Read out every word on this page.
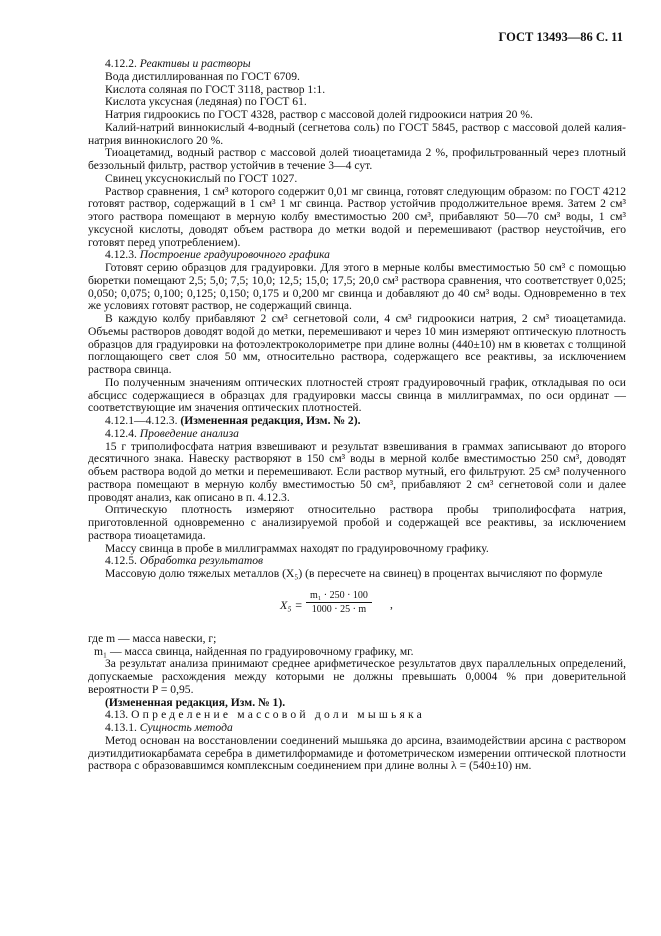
ГОСТ 13493—86 С. 11

4.12.2. Реактивы и растворы

Вода дистиллированная по ГОСТ 6709.

Кислота соляная по ГОСТ 3118, раствор 1:1.

Кислота уксусная (ледяная) по ГОСТ 61.

Натрия гидроокись по ГОСТ 4328, раствор с массовой долей гидроокиси натрия 20 %.

Калий-натрий виннокислый 4-водный (сегнетова соль) по ГОСТ 5845, раствор с массовой долей калия-натрия виннокислого 20 %.

Тиоацетамид, водный раствор с массовой долей тиоацетамида 2 %, профильтрованный через плотный беззольный фильтр, раствор устойчив в течение 3—4 сут.

Свинец уксуснокислый по ГОСТ 1027.

Раствор сравнения, 1 см³ которого содержит 0,01 мг свинца, готовят следующим образом: по ГОСТ 4212 готовят раствор, содержащий в 1 см³ 1 мг свинца. Раствор устойчив продолжительное время. Затем 2 см³ этого раствора помещают в мерную колбу вместимостью 200 см³, прибавляют 50—70 см³ воды, 1 см³ уксусной кислоты, доводят объем раствора до метки водой и перемешивают (раствор неустойчив, его готовят перед употреблением).

4.12.3. Построение градуировочного графика

Готовят серию образцов для градуировки. Для этого в мерные колбы вместимостью 50 см³ с помощью бюретки помещают 2,5; 5,0; 7,5; 10,0; 12,5; 15,0; 17,5; 20,0 см³ раствора сравнения, что соответствует 0,025; 0,050; 0,075; 0,100; 0,125; 0,150; 0,175 и 0,200 мг свинца и добавляют до 40 см³ воды. Одновременно в тех же условиях готовят раствор, не содержащий свинца.

В каждую колбу прибавляют 2 см³ сегнетовой соли, 4 см³ гидроокиси натрия, 2 см³ тиоацетамида. Объемы растворов доводят водой до метки, перемешивают и через 10 мин измеряют оптическую плотность образцов для градуировки на фотоэлектроколориметре при длине волны (440±10) нм в кюветах с толщиной поглощающего свет слоя 50 мм, относительно раствора, содержащего все реактивы, за исключением раствора свинца.

По полученным значениям оптических плотностей строят градуировочный график, откладывая по оси абсцисс содержащиеся в образцах для градуировки массы свинца в миллиграммах, по оси ординат — соответствующие им значения оптических плотностей.

4.12.1—4.12.3. (Измененная редакция, Изм. № 2).

4.12.4. Проведение анализа

15 г триполифосфата натрия взвешивают и результат взвешивания в граммах записывают до второго десятичного знака. Навеску растворяют в 150 см³ воды в мерной колбе вместимостью 250 см³, доводят объем раствора водой до метки и перемешивают. Если раствор мутный, его фильтруют. 25 см³ полученного раствора помещают в мерную колбу вместимостью 50 см³, прибавляют 2 см³ сегнетовой соли и далее проводят анализ, как описано в п. 4.12.3.

Оптическую плотность измеряют относительно раствора пробы триполифосфата натрия, приготовленной одновременно с анализируемой пробой и содержащей все реактивы, за исключением раствора тиоацетамида.

Массу свинца в пробе в миллиграммах находят по градуировочному графику.

4.12.5. Обработка результатов

Массовую долю тяжелых металлов (X₅) (в пересчете на свинец) в процентах вычисляют по формуле

$X_5 = \frac{\text{m₁ · 250 · 100}}{1000 \cdot 25 \cdot m}$ ,

где m — масса навески, г;

m₁ — масса свинца, найденная по градуировочному графику, мг.

За результат анализа принимают среднее арифметическое результатов двух параллельных определений, допускаемые расхождения между которыми не должны превышать 0,0004 % при доверительной вероятности P = 0,95.

(Измененная редакция, Изм. № 1).

4.13. Определение массовой доли мышьяка

4.13.1. Сущность метода

Метод основан на восстановлении соединений мышьяка до арсина, взаимодействии арсина с раствором диэтилдитиокарбамата серебра в диметилформамиде и фотометрическом измерении оптической плотности раствора с образовавшимся комплексным соединением при длине волны λ = (540±10) нм.
